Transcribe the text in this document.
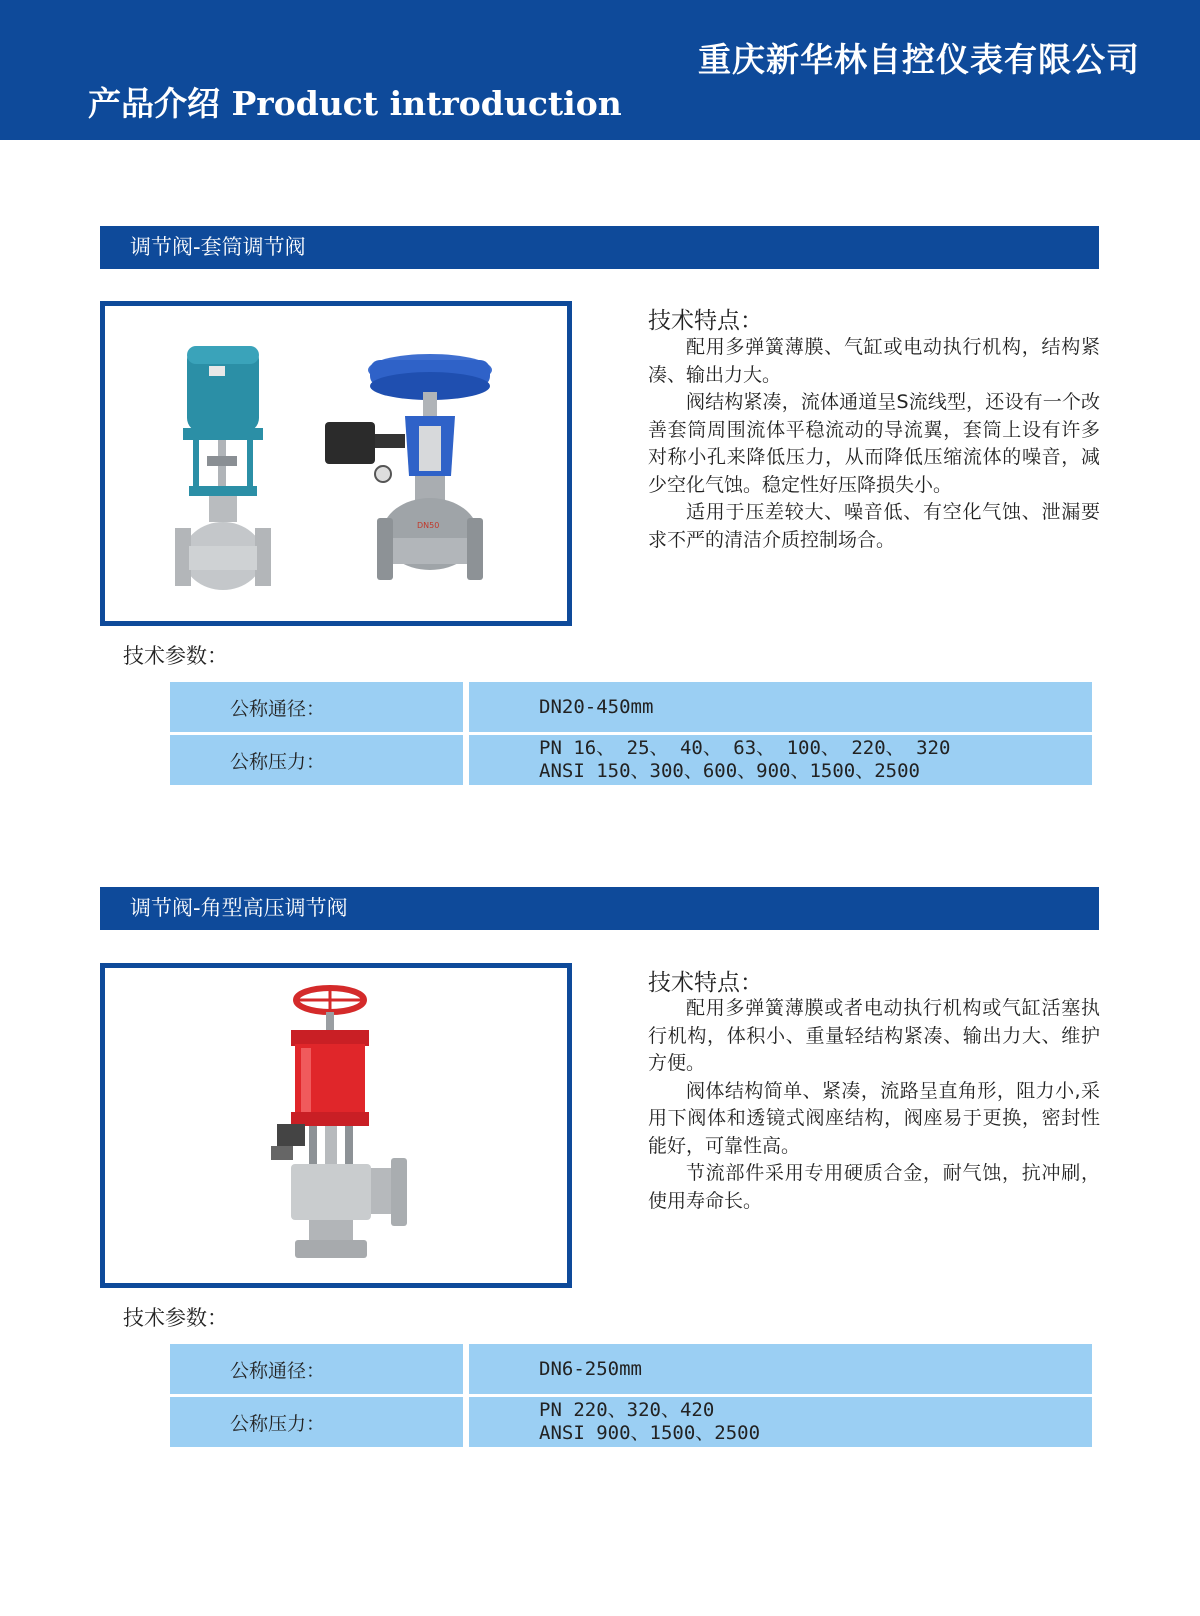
重庆新华林自控仪表有限公司
产品介绍 Product introduction
调节阀-套筒调节阀
DN50
技术特点：

配用多弹簧薄膜、气缸或电动执行机构，结构紧凑、输出力大。

阀结构紧凑，流体通道呈S流线型，还设有一个改善套筒周围流体平稳流动的导流翼，套筒上设有许多对称小孔来降低压力，从而降低压缩流体的噪音，减少空化气蚀。稳定性好压降损失小。

适用于压差较大、噪音低、有空化气蚀、泄漏要求不严的清洁介质控制场合。

技术参数：
公称通径：	DN20-450mm
公称压力：
PN 16、 25、 40、 63、 100、 220、 320
ANSI 150、300、600、900、1500、2500
调节阀-角型高压调节阀
技术特点：

配用多弹簧薄膜或者电动执行机构或气缸活塞执行机构，体积小、重量轻结构紧凑、输出力大、维护方便。

阀体结构简单、紧凑，流路呈直角形，阻力小,采用下阀体和透镜式阀座结构，阀座易于更换，密封性能好，可靠性高。

节流部件采用专用硬质合金，耐气蚀，抗冲刷，使用寿命长。

技术参数：
公称通径：	DN6-250mm
公称压力：
PN 220、320、420
ANSI 900、1500、2500
